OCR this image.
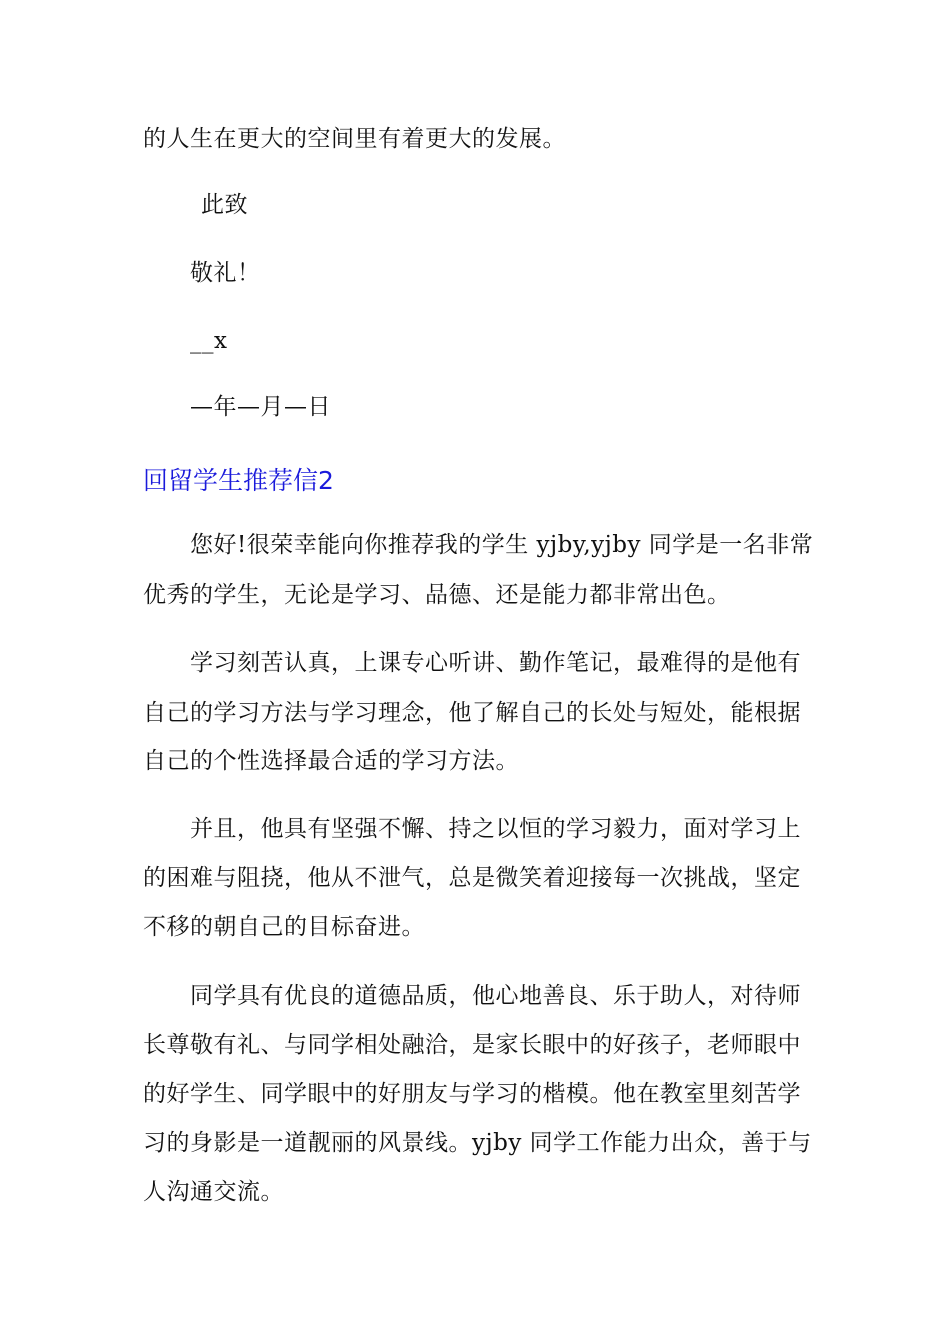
的人生在更大的空间里有着更大的发展。

此致

敬礼！

__x

—年—月—日

回留学生推荐信2

您好!很荣幸能向你推荐我的学生 yjby,yjby 同学是一名非常

优秀的学生，无论是学习、品德、还是能力都非常出色。

学习刻苦认真，上课专心听讲、勤作笔记，最难得的是他有

自己的学习方法与学习理念，他了解自己的长处与短处，能根据

自己的个性选择最合适的学习方法。

并且，他具有坚强不懈、持之以恒的学习毅力，面对学习上

的困难与阻挠，他从不泄气，总是微笑着迎接每一次挑战，坚定

不移的朝自己的目标奋进。

同学具有优良的道德品质，他心地善良、乐于助人，对待师

长尊敬有礼、与同学相处融洽，是家长眼中的好孩子，老师眼中

的好学生、同学眼中的好朋友与学习的楷模。他在教室里刻苦学

习的身影是一道靓丽的风景线。yjby 同学工作能力出众，善于与

人沟通交流。
